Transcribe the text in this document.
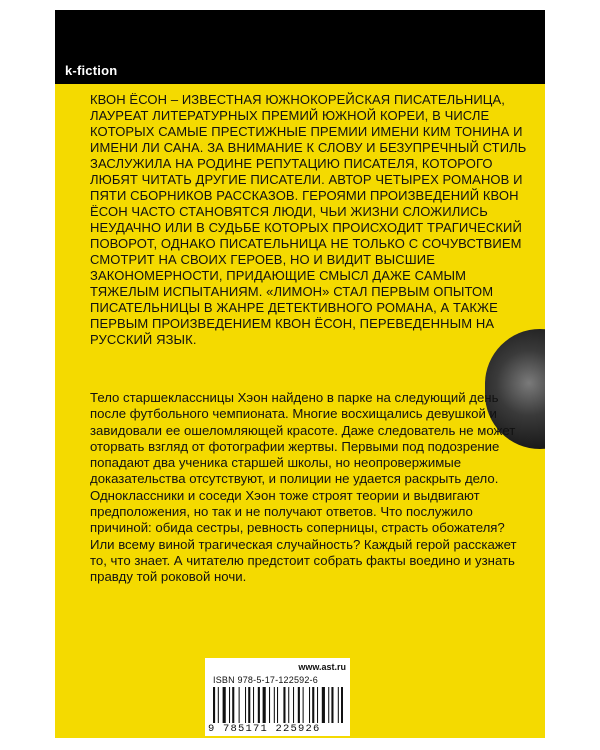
k-fiction

КВОН ЁСОН – ИЗВЕСТНАЯ ЮЖНОКОРЕЙСКАЯ ПИСАТЕЛЬНИЦА, ЛАУРЕАТ ЛИТЕРАТУРНЫХ ПРЕМИЙ ЮЖНОЙ КОРЕИ, В ЧИСЛЕ КОТОРЫХ САМЫЕ ПРЕСТИЖНЫЕ ПРЕМИИ ИМЕНИ КИМ ТОНИНА И ИМЕНИ ЛИ САНА. ЗА ВНИМАНИЕ К СЛОВУ И БЕЗУПРЕЧНЫЙ СТИЛЬ ЗАСЛУЖИЛА НА РОДИНЕ РЕПУТАЦИЮ ПИСАТЕЛЯ, КОТОРОГО ЛЮБЯТ ЧИТАТЬ ДРУГИЕ ПИСАТЕЛИ. АВТОР ЧЕТЫРЕХ РОМАНОВ И ПЯТИ СБОРНИКОВ РАССКАЗОВ. ГЕРОЯМИ ПРОИЗВЕДЕНИЙ КВОН ЁСОН ЧАСТО СТАНОВЯТСЯ ЛЮДИ, ЧЬИ ЖИЗНИ СЛОЖИЛИСЬ НЕУДАЧНО ИЛИ В СУДЬБЕ КОТОРЫХ ПРОИСХОДИТ ТРАГИЧЕСКИЙ ПОВОРОТ, ОДНАКО ПИСАТЕЛЬНИЦА НЕ ТОЛЬКО С СОЧУВСТВИЕМ СМОТРИТ НА СВОИХ ГЕРОЕВ, НО И ВИДИТ ВЫСШИЕ ЗАКОНОМЕРНОСТИ, ПРИДАЮЩИЕ СМЫСЛ ДАЖЕ САМЫМ ТЯЖЕЛЫМ ИСПЫТАНИЯМ. «ЛИМОН» СТАЛ ПЕРВЫМ ОПЫТОМ ПИСАТЕЛЬНИЦЫ В ЖАНРЕ ДЕТЕКТИВНОГО РОМАНА, А ТАКЖЕ ПЕРВЫМ ПРОИЗВЕДЕНИЕМ КВОН ЁСОН, ПЕРЕВЕДЕННЫМ НА РУССКИЙ ЯЗЫК.

Тело старшеклассницы Хэон найдено в парке на следующий день после футбольного чемпионата. Многие восхищались девушкой и завидовали ее ошеломляющей красоте. Даже следователь не может оторвать взгляд от фотографии жертвы. Первыми под подозрение попадают два ученика старшей школы, но неопровержимые доказательства отсутствуют, и полиции не удается раскрыть дело. Одноклассники и соседи Хэон тоже строят теории и выдвигают предположения, но так и не получают ответов. Что послужило причиной: обида сестры, ревность соперницы, страсть обожателя? Или всему виной трагическая случайность? Каждый герой расскажет то, что знает. А читателю предстоит собрать факты воедино и узнать правду той роковой ночи.

www.ast.ru
ISBN 978-5-17-122592-6
9 785171 225926
